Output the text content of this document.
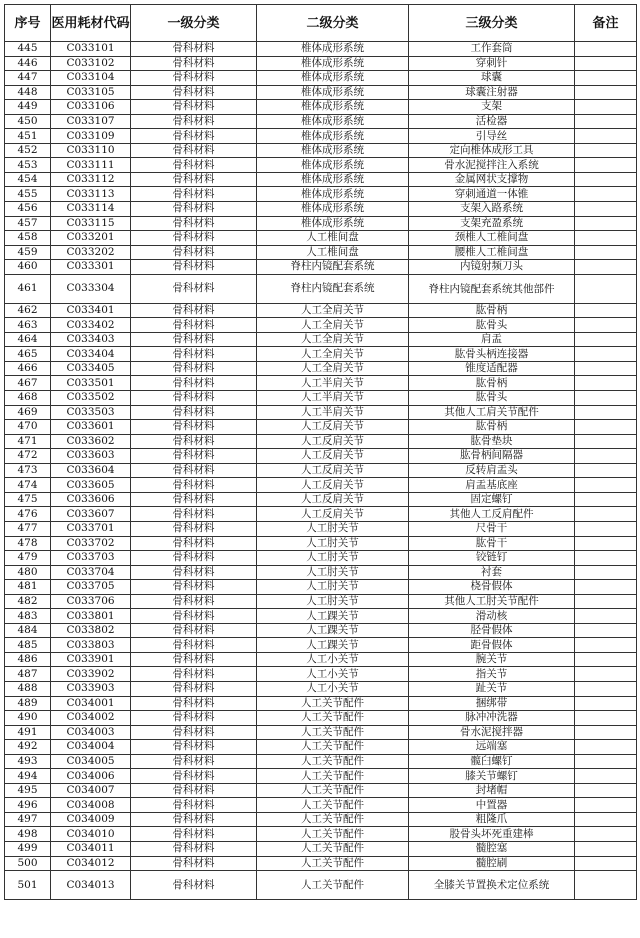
序号	医用耗材代码	一级分类	二级分类	三级分类	备注
445	C033101	骨科材料	椎体成形系统	工作套筒	
446	C033102	骨科材料	椎体成形系统	穿刺针	
447	C033104	骨科材料	椎体成形系统	球囊	
448	C033105	骨科材料	椎体成形系统	球囊注射器	
449	C033106	骨科材料	椎体成形系统	支架	
450	C033107	骨科材料	椎体成形系统	活检器	
451	C033109	骨科材料	椎体成形系统	引导丝	
452	C033110	骨科材料	椎体成形系统	定向椎体成形工具	
453	C033111	骨科材料	椎体成形系统	骨水泥搅拌注入系统	
454	C033112	骨科材料	椎体成形系统	金属网状支撑物	
455	C033113	骨科材料	椎体成形系统	穿刺通道一体锥	
456	C033114	骨科材料	椎体成形系统	支架入路系统	
457	C033115	骨科材料	椎体成形系统	支架充盈系统	
458	C033201	骨科材料	人工椎间盘	颈椎人工椎间盘	
459	C033202	骨科材料	人工椎间盘	腰椎人工椎间盘	
460	C033301	骨科材料	脊柱内镜配套系统	内镜射频刀头	
461	C033304	骨科材料	脊柱内镜配套系统	脊柱内镜配套系统其他部件	
462	C033401	骨科材料	人工全肩关节	肱骨柄	
463	C033402	骨科材料	人工全肩关节	肱骨头	
464	C033403	骨科材料	人工全肩关节	肩盂	
465	C033404	骨科材料	人工全肩关节	肱骨头柄连接器	
466	C033405	骨科材料	人工全肩关节	锥度适配器	
467	C033501	骨科材料	人工半肩关节	肱骨柄	
468	C033502	骨科材料	人工半肩关节	肱骨头	
469	C033503	骨科材料	人工半肩关节	其他人工肩关节配件	
470	C033601	骨科材料	人工反肩关节	肱骨柄	
471	C033602	骨科材料	人工反肩关节	肱骨垫块	
472	C033603	骨科材料	人工反肩关节	肱骨柄间隔器	
473	C033604	骨科材料	人工反肩关节	反转肩盂头	
474	C033605	骨科材料	人工反肩关节	肩盂基底座	
475	C033606	骨科材料	人工反肩关节	固定螺钉	
476	C033607	骨科材料	人工反肩关节	其他人工反肩配件	
477	C033701	骨科材料	人工肘关节	尺骨干	
478	C033702	骨科材料	人工肘关节	肱骨干	
479	C033703	骨科材料	人工肘关节	铰链钉	
480	C033704	骨科材料	人工肘关节	衬套	
481	C033705	骨科材料	人工肘关节	桡骨假体	
482	C033706	骨科材料	人工肘关节	其他人工肘关节配件	
483	C033801	骨科材料	人工踝关节	滑动核	
484	C033802	骨科材料	人工踝关节	胫骨假体	
485	C033803	骨科材料	人工踝关节	距骨假体	
486	C033901	骨科材料	人工小关节	腕关节	
487	C033902	骨科材料	人工小关节	指关节	
488	C033903	骨科材料	人工小关节	趾关节	
489	C034001	骨科材料	人工关节配件	捆绑带	
490	C034002	骨科材料	人工关节配件	脉冲冲洗器	
491	C034003	骨科材料	人工关节配件	骨水泥搅拌器	
492	C034004	骨科材料	人工关节配件	远端塞	
493	C034005	骨科材料	人工关节配件	髋臼螺钉	
494	C034006	骨科材料	人工关节配件	膝关节螺钉	
495	C034007	骨科材料	人工关节配件	封堵帽	
496	C034008	骨科材料	人工关节配件	中置器	
497	C034009	骨科材料	人工关节配件	粗隆爪	
498	C034010	骨科材料	人工关节配件	股骨头坏死重建棒	
499	C034011	骨科材料	人工关节配件	髓腔塞	
500	C034012	骨科材料	人工关节配件	髓腔刷	
501	C034013	骨科材料	人工关节配件	全膝关节置换术定位系统	
